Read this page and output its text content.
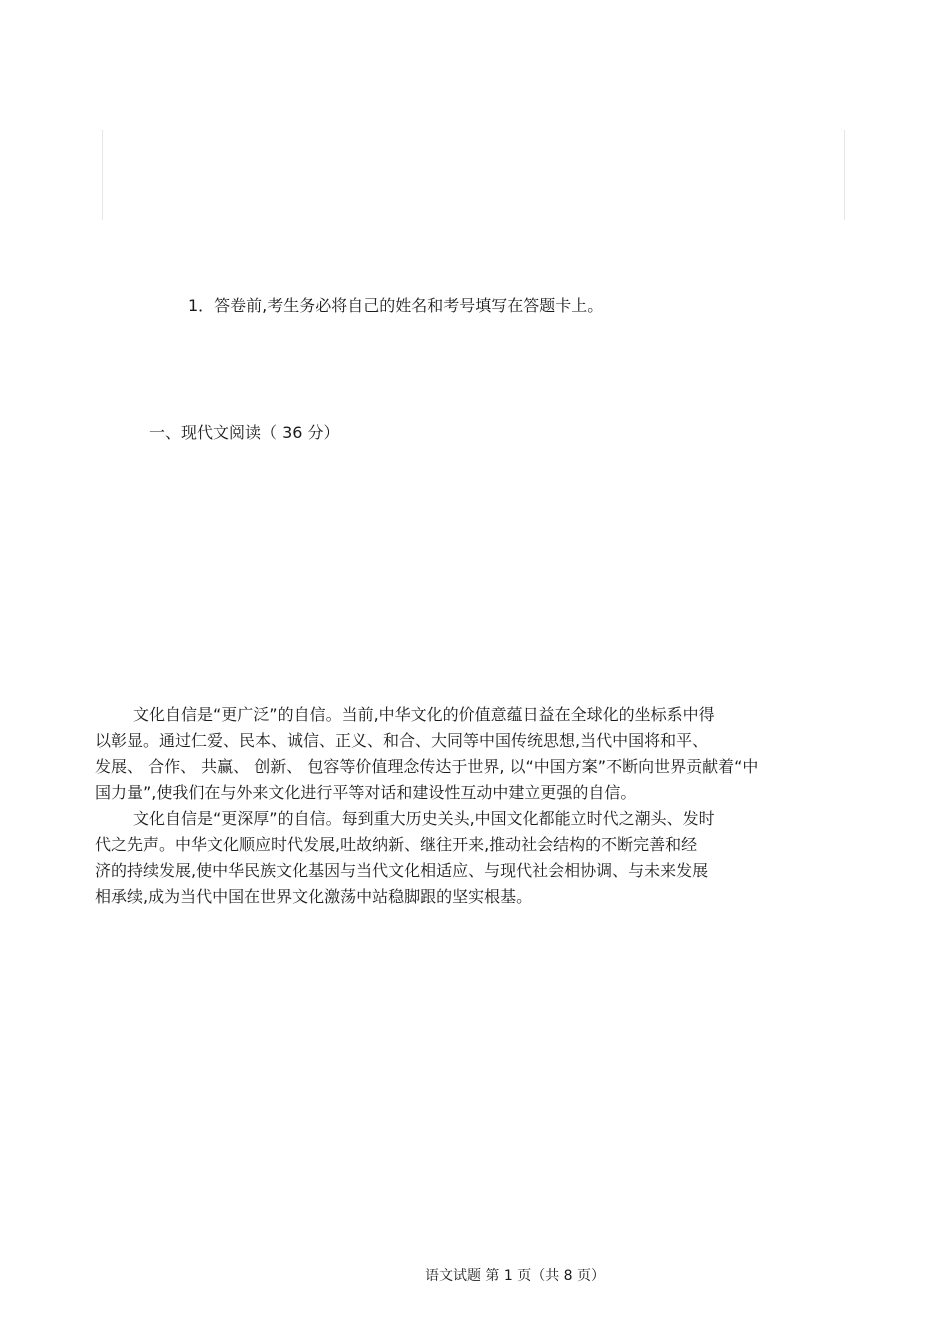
1．答卷前,考生务必将自己的姓名和考号填写在答题卡上。
一、现代文阅读（ 36 分）
文化自信是“更广泛”的自信。当前,中华文化的价值意蕴日益在全球化的坐标系中得
以彰显。通过仁爱、民本、诚信、正义、和合、大同等中国传统思想,当代中国将和平、
发展、 合作、 共赢、 创新、 包容等价值理念传达于世界, 以“中国方案”不断向世界贡献着“中
国力量”,使我们在与外来文化进行平等对话和建设性互动中建立更强的自信。
文化自信是“更深厚”的自信。每到重大历史关头,中国文化都能立时代之潮头、发时
代之先声。中华文化顺应时代发展,吐故纳新、继往开来,推动社会结构的不断完善和经
济的持续发展,使中华民族文化基因与当代文化相适应、与现代社会相协调、与未来发展
相承续,成为当代中国在世界文化激荡中站稳脚跟的坚实根基。
语文试题 第 1 页（共 8 页）
